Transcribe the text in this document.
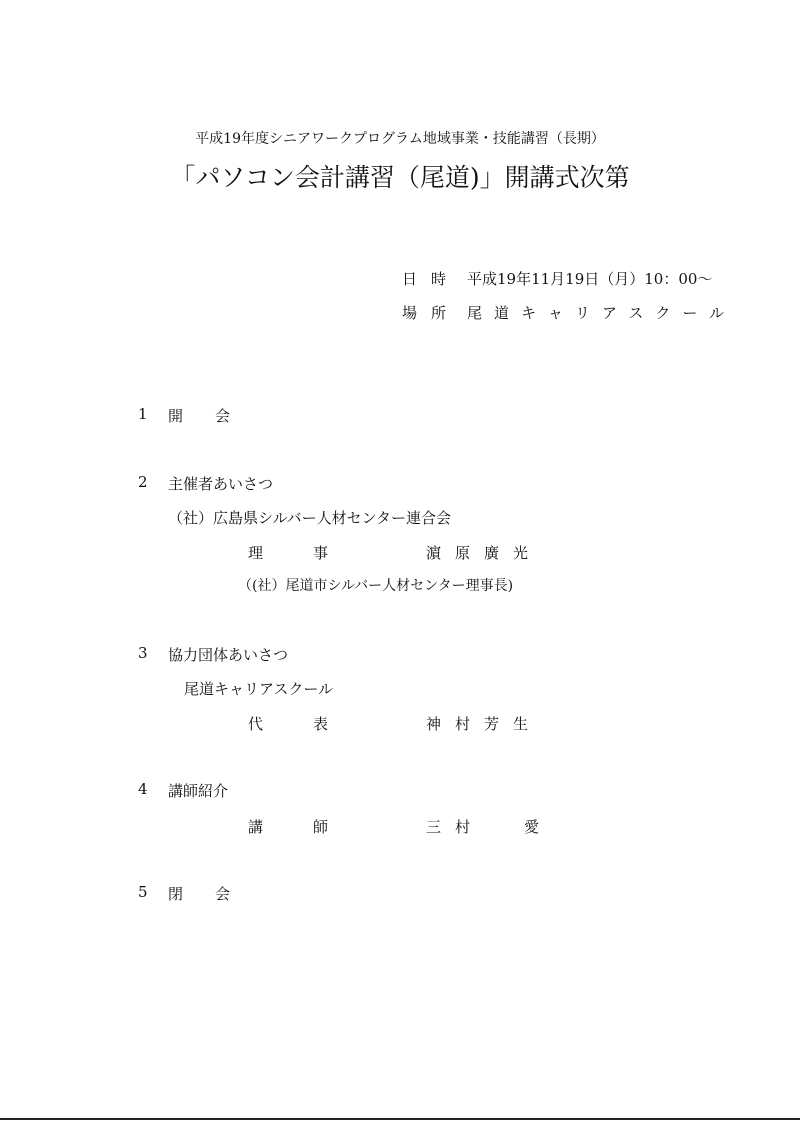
平成19年度シニアワークプログラム地域事業・技能講習（長期）
「パソコン会計講習（尾道)」開講式次第
日時 平成19年11月19日（月）10：00〜
場所 尾道キャリアスクール
1 開会
2 主催者あいさつ
（社）広島県シルバー人材センター連合会
理事	濵原廣光
（(社）尾道市シルバー人材センター理事長)
3 協力団体あいさつ
尾道キャリアスクール
代表	神村芳生
4 講師紹介
講師	三村	愛
5 閉会
